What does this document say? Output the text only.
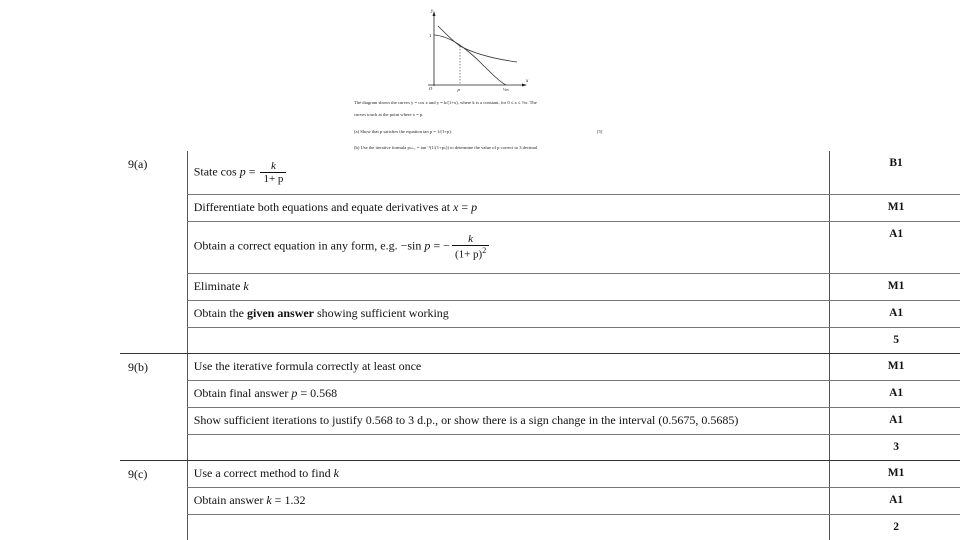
y
x
O
1
p	½π
The diagram shows the curves y = cos x and y = k/(1+x), where k is a constant, for 0 ≤ x ≤ ½π. The
curves touch at the point where x = p.
(a) Show that p satisfies the equation tan p = 1/(1+p).	[5]
(b) Use the iterative formula pₙ₊₁ = tan⁻¹(1/(1+pₙ)) to determine the value of p correct to 3 decimal
9(a)	State $\cos p = \frac{k}{1+ p}$	B1
	Differentiate both equations and equate derivatives at x = p	M1
	Obtain a correct equation in any form, e.g. −sin p = − $\frac{k}{(1+ p)^2}$	A1
	Eliminate k	M1
	Obtain the given answer showing sufficient working	A1
		5
9(b)	Use the iterative formula correctly at least once	M1
	Obtain final answer p = 0.568	A1
	Show sufficient iterations to justify 0.568 to 3 d.p., or show there is a sign change in the interval (0.5675, 0.5685)	A1
		3
9(c)	Use a correct method to find k	M1
	Obtain answer k = 1.32	A1
		2
